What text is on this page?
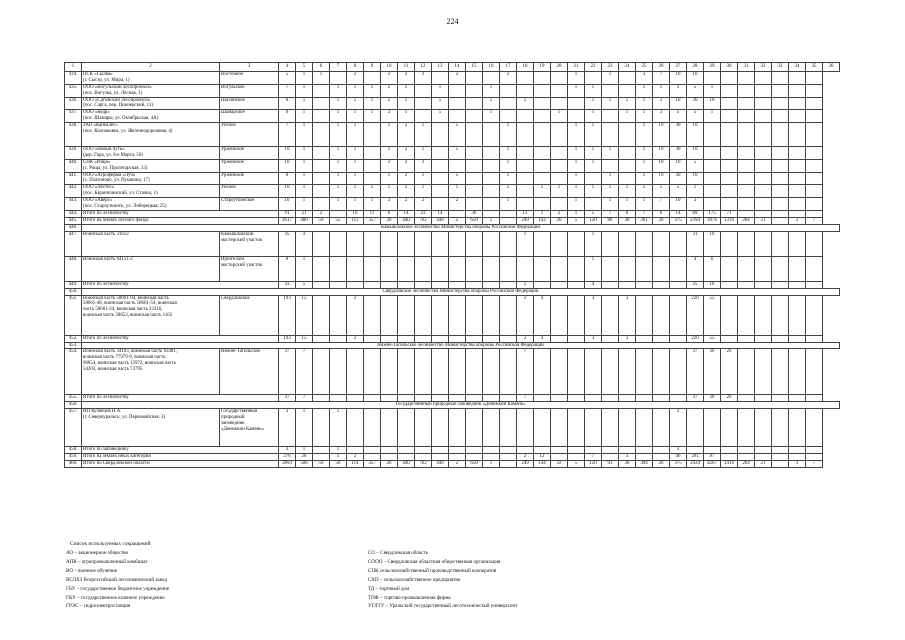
224
1	2	3	4	5	6	7	8	9	10	11	12	13	14	15	16	17	18	19	20	21	22	23	24	25	26	27	28	29	30	31	32	33	34	35	36
434.	ПСК «Сылва»
(г. Сысэр, ул. Мира, 1)	Восточное	5	1	1		2		2	2	2		2			2				1		1		3	7	10	10								
435.	ООО «Вогульский лесопромхоз»
(пос. Вогулка, ул. Лесная, 1)	Вогульское	7	1		1	1	1	2	1		1			1					1	1			1	1	3	5	1							
436.	ООО «Сдгинский лесопромхоз»
(пос. Сарга, пер. Пионерский, 11)	Шалинское	8	1		1	1	1	2	1		5			1		1				1	1	1	1	3	10	30	10							
437.	ООО «Кедр»
(пос. Шамары, ул. Октябрьская, 4А)	Шамарское	9	1		1	1	1	2	1		5			1				1		1		1	1	3	5	5	1							
438.	ЗАО «Капкалес»
(пос. Колпаковка, ул. Железнодорожная, 4)	Унское	7	1		1	1		1	2	1		5			1				1	1			1	10	30	10								
439.	ООО «Новый путь»
(дер. Гора, ул. 8-е Марта, 50)	Уржинское	10	1		1	1		1	2	1		5			1				1	1	1		1	10	30	10								
440.	СПК «Роща»
(с. Роща, ул. Пролетарская, 13)	Уржинское	10	1		1	1		2	2	2					1				1	1			1	10	10	5								
441.	ООО «Агрофирма «Луч»
(с. Платоново, ул. Пушкина, 17)	Уржинское	8	1		1	1		1	2	1		5			1				1		1		1	10	30	10								
442.	ООО «Лестех»
(пос. Бараничинский, ул. Стачки, 1)	Унское	10	1		1	1	1	1	2	1		1			1		1	1	1	1	1	1	1	5	5	1								
443.	ООО «Аверс»
(пос. Староуткинск, ул. Либерецкая, 25)	Староуткинское	10	1		1	1	1	2	2	2		2			1				1		1	1	1	7	10	3								
444.	Итого по лесничеству		91	21	2		10	11	6	14	23	14		36			12	1	2	1	5	7	6	7	6	14	89	175	71						
445.	Итого на землях лесного фонда		2617	480	50	55	112	357	26	440	762	448	2	650	1		249	142	20	5	120	86	38	361	26	375	2394	3976	1319	264	21		3	7	
446.	Камышловское лесничество Министерства обороны Российской Федерации																																		
447.	Воинская часть 31612	Камышловский
мастерский участок	35	4													1				1						31	10							
448.	Воинская часть 84151-2	Ирбитский
мастерский участок	8	1																	1						4	6							
449.	Итого по лесничеству		43	5													1				4						35	16							
450.	Свердловское лесничество Министерства обороны Российской Федерации																																		
451.	Воинская часть 58661-94, воинская часть
58661-48, воинская часть 58661-54, воинская
часть 58661-24, воинская часть 22316,
воинская часть 58653, воинская часть 1162	Свердловское	193	15			2										2	4			3		3				220	55							
452.	Итого по лесничеству		193	15			2										2	4			3		3				220	55							
453.	Нижне-Тагильское лесничество Министерства обороны Российской Федерации																																		
454.	Воинская часть 34103, воинская часть 93481,
воинская часть 77979-9, воинская часть
96854, воинская часть 15972, воинская часть
54203, воинская часть 73795	Нижне-Тагильское	37	7													7										37	36	26						
455.	Итого по лесничеству		37	7													7										37	36	26						
456.	Государственный природный заповедник «Денежкин Камень»																																		
457.	ИП Кузнецов Н.А.
(г. Североуральск, ул. Первомайская, 3)	Государственный
природный
заповедник
«Денежкин Камень»	3	1		1																				3									
458.	Итого по заповеднику		3	1		1																				3									
459.	Итого на землях иных категорий		276	28		1	2										2	12			7		3			46	291	97							
460.	Итого по Свердловской области		2893	508	50	56	114	357	26	440	762	448	2	650	1		249	144	32	5	120	93	38	304	26	375	2434	4267	1416	264	21		3	7	
Список используемых сокращений
АО – акционерное общество
АПК – агропромышленный комбинат
ВО – военное обучение
ВСЛХЗ Всероссийский лесохимический завод
ГБУ – государственное бюджетное учреждение
ГКУ – государственное казенное учреждение
ГРЭС – гидроэлектростанция
СО – Свердловская область
СООО – Свердловская областная общественная организация
СПК сельскохозяйственный производственный кооператив
СХП – сельскохозяйственное предприятие
ТД – торговый дом
ТПФ – торгово-промышленная фирма
УГЛТУ – Уральский государственный лесотехнический университет
